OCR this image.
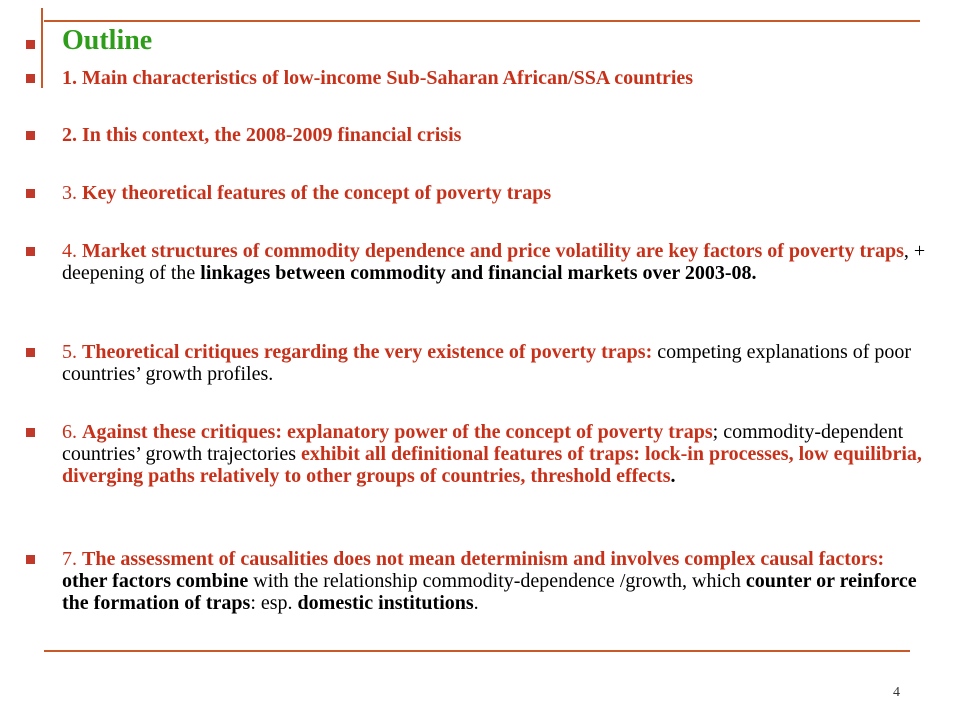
Outline

1. Main characteristics of low-income Sub-Saharan African/SSA countries

2. In this context, the 2008-2009 financial crisis

3. Key theoretical features of the concept of poverty traps

4. Market structures of commodity dependence and price volatility are key factors of poverty traps, + deepening of the linkages between commodity and financial markets over 2003-08.

5. Theoretical critiques regarding the very existence of poverty traps: competing explanations of poor countries’ growth profiles.

6. Against these critiques: explanatory power of the concept of poverty traps; commodity-dependent countries’ growth trajectories exhibit all definitional features of traps: lock-in processes, low equilibria, diverging paths relatively to other groups of countries, threshold effects.

7. The assessment of causalities does not mean determinism and involves complex causal factors: other factors combine with the relationship commodity-dependence /growth, which counter or reinforce the formation of traps: esp. domestic institutions.

4
